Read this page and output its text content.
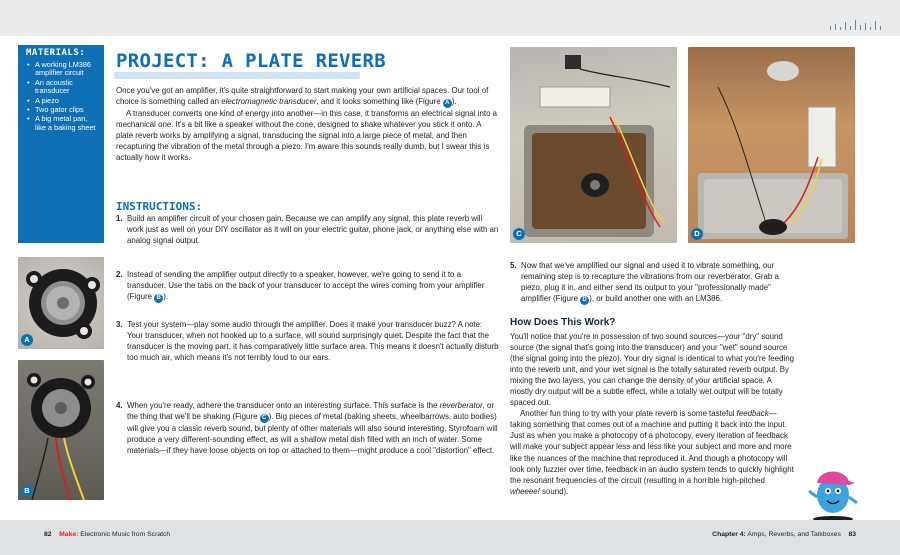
MATERIALS:
• A working LM386 amplifier circuit
• An acoustic transducer
• A piezo
• Two gator clips
• A big metal pan, like a baking sheet
A
B
C	D
PROJECT: A PLATE REVERB

Once you've got an amplifier, it's quite straightforward to start making your own artificial spaces. Our tool of choice is something called an electromagnetic transducer, and it looks something like (Figure A ).

A transducer converts one kind of energy into another—in this case, it transforms an electrical signal into a mechanical one. It's a bit like a speaker without the cone, designed to shake whatever you stick it onto. A plate reverb works by amplifying a signal, transducing the signal into a large piece of metal, and then recapturing the vibration of the metal through a piezo. I'm aware this sounds really dumb, but I swear this is actually how it works.

INSTRUCTIONS:
1. Build an amplifier circuit of your chosen gain. Because we can amplify any signal, this plate reverb will work just as well on your DIY oscillator as it will on your electric guitar, phone jack, or anything else with an analog signal output.
2. Instead of sending the amplifier output directly to a speaker, however, we're going to send it to a transducer. Use the tabs on the back of your transducer to accept the wires coming from your amplifier (Figure B ).
3. Test your system—play some audio through the amplifier. Does it make your transducer buzz? A note: Your transducer, when not hooked up to a surface, will sound surprisingly quiet. Despite the fact that the transducer is the moving part, it has comparatively little surface area. This means it doesn't actually disturb too much air, which means it's not terribly loud to our ears.
4. When you're ready, adhere the transducer onto an interesting surface. This surface is the reverberator, or the thing that we'll be shaking (Figure C ). Big pieces of metal (baking sheets, wheelbarrows, auto bodies) will give you a classic reverb sound, but plenty of other materials will also sound interesting. Styrofoam will produce a very different-sounding effect, as will a shallow metal dish filled with an inch of water. Some materials—if they have loose objects on top or attached to them—might produce a cool "distortion" effect.
5. Now that we've amplified our signal and used it to vibrate something, our remaining step is to recapture the vibrations from our reverberator. Grab a piezo, plug it in, and either send its output to your "professionally made" amplifier (Figure D ), or build another one with an LM386.
How Does This Work?

You'll notice that you're in possession of two sound sources—your "dry" sound source (the signal that's going into the transducer) and your "wet" sound source (the signal going into the piezo). Your dry signal is identical to what you're feeding into the reverb unit, and your wet signal is the totally saturated reverb output. By mixing the two layers, you can change the density of your artificial space. A mostly dry output will be a subtle effect, while a totally wet output will be totally spaced out.

Another fun thing to try with your plate reverb is some tasteful feedback—taking something that comes out of a machine and putting it back into the input. Just as when you make a photocopy of a photocopy, every iteration of feedback will make your subject appear less and less like your subject and more and more like the nuances of the machine that reproduced it. And though a photocopy will look only fuzzier over time, feedback in an audio system tends to quickly highlight the resonant frequencies of the circuit (resulting in a horrible high-pitched wheeee! sound).

82 Make: Electronic Music from Scratch	Chapter 4: Amps, Reverbs, and Talkboxes 83
